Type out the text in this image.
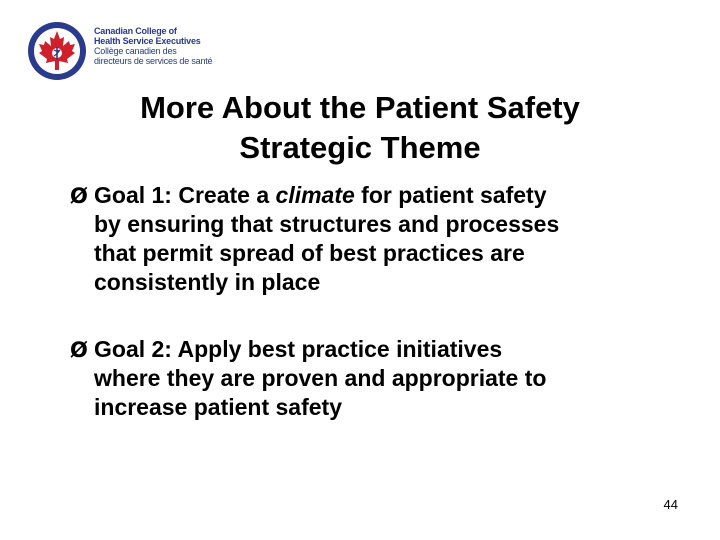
Canadian College of
Health Service Executives
Collège canadien des
directeurs de services de santé
More About the Patient Safety
Strategic Theme
Ø Goal 1: Create a climate for patient safety
by ensuring that structures and processes
that permit spread of best practices are
consistently in place
Ø Goal 2: Apply best practice initiatives
where they are proven and appropriate to
increase patient safety
44
